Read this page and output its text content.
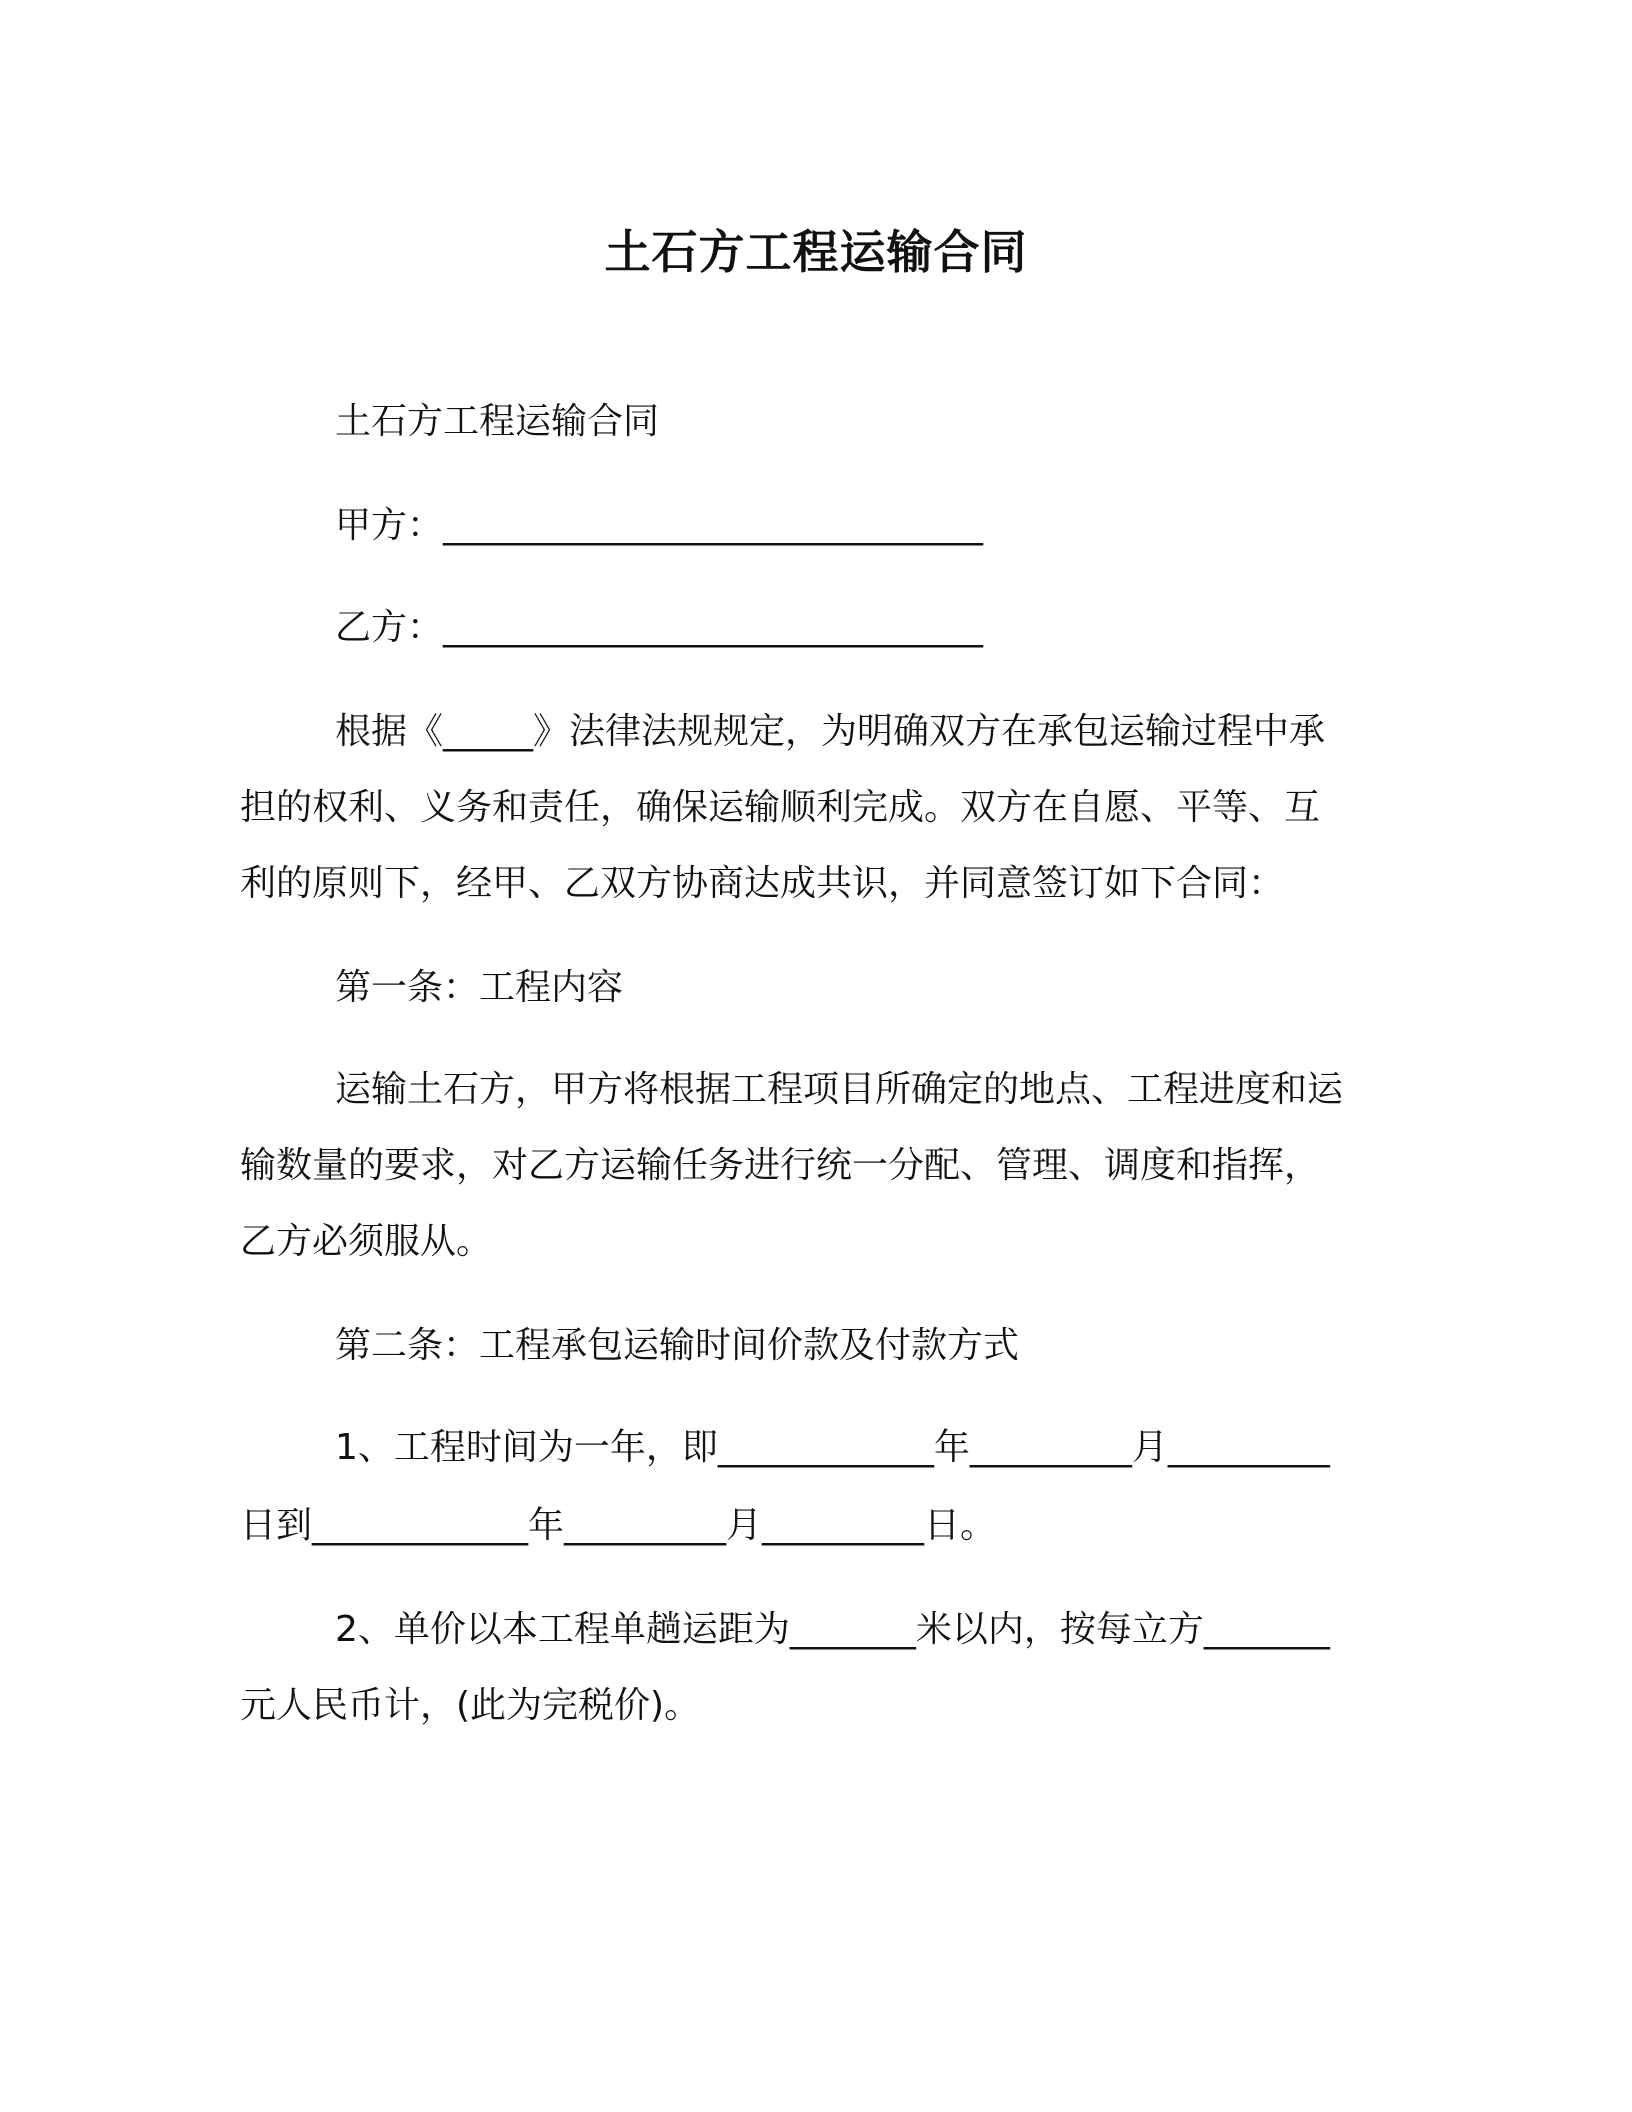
土石方工程运输合同
土石方工程运输合同
甲方：______________________________
乙方：______________________________
根据《_____》法律法规规定，为明确双方在承包运输过程中承
担的权利、义务和责任，确保运输顺利完成。双方在自愿、平等、互
利的原则下，经甲、乙双方协商达成共识，并同意签订如下合同：
第一条：工程内容
运输土石方，甲方将根据工程项目所确定的地点、工程进度和运
输数量的要求，对乙方运输任务进行统一分配、管理、调度和指挥，
乙方必须服从。
第二条：工程承包运输时间价款及付款方式
1、工程时间为一年，即____________年_________月_________
日到____________年_________月_________日。
2、单价以本工程单趟运距为_______米以内，按每立方_______
元人民币计，(此为完税价)。
